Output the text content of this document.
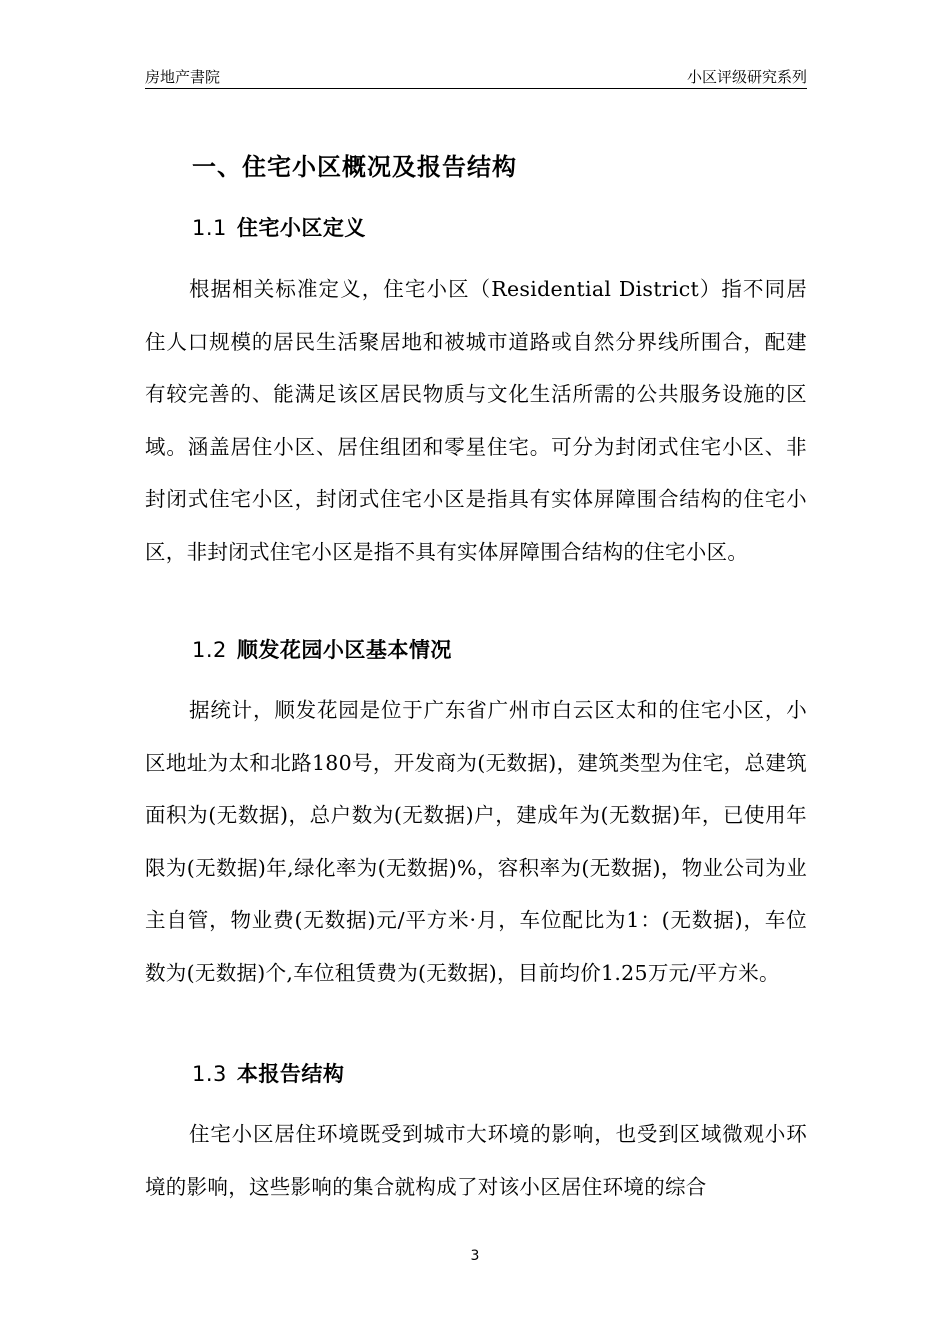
房地产書院	小区评级研究系列
一、住宅小区概况及报告结构
1.1 住宅小区定义

根据相关标准定义，住宅小区（Residential District）指不同居住人口规模的居民生活聚居地和被城市道路或自然分界线所围合，配建有较完善的、能满足该区居民物质与文化生活所需的公共服务设施的区域。涵盖居住小区、居住组团和零星住宅。可分为封闭式住宅小区、非封闭式住宅小区，封闭式住宅小区是指具有实体屏障围合结构的住宅小区，非封闭式住宅小区是指不具有实体屏障围合结构的住宅小区。

1.2 顺发花园小区基本情况

据统计，顺发花园是位于广东省广州市白云区太和的住宅小区，小区地址为太和北路180号，开发商为(无数据)，建筑类型为住宅，总建筑面积为(无数据)，总户数为(无数据)户，建成年为(无数据)年，已使用年限为(无数据)年,绿化率为(无数据)%，容积率为(无数据)，物业公司为业主自管，物业费(无数据)元/平方米·月，车位配比为1：(无数据)，车位数为(无数据)个,车位租赁费为(无数据)，目前均价1.25万元/平方米。

1.3 本报告结构

住宅小区居住环境既受到城市大环境的影响，也受到区域微观小环境的影响，这些影响的集合就构成了对该小区居住环境的综合

3
